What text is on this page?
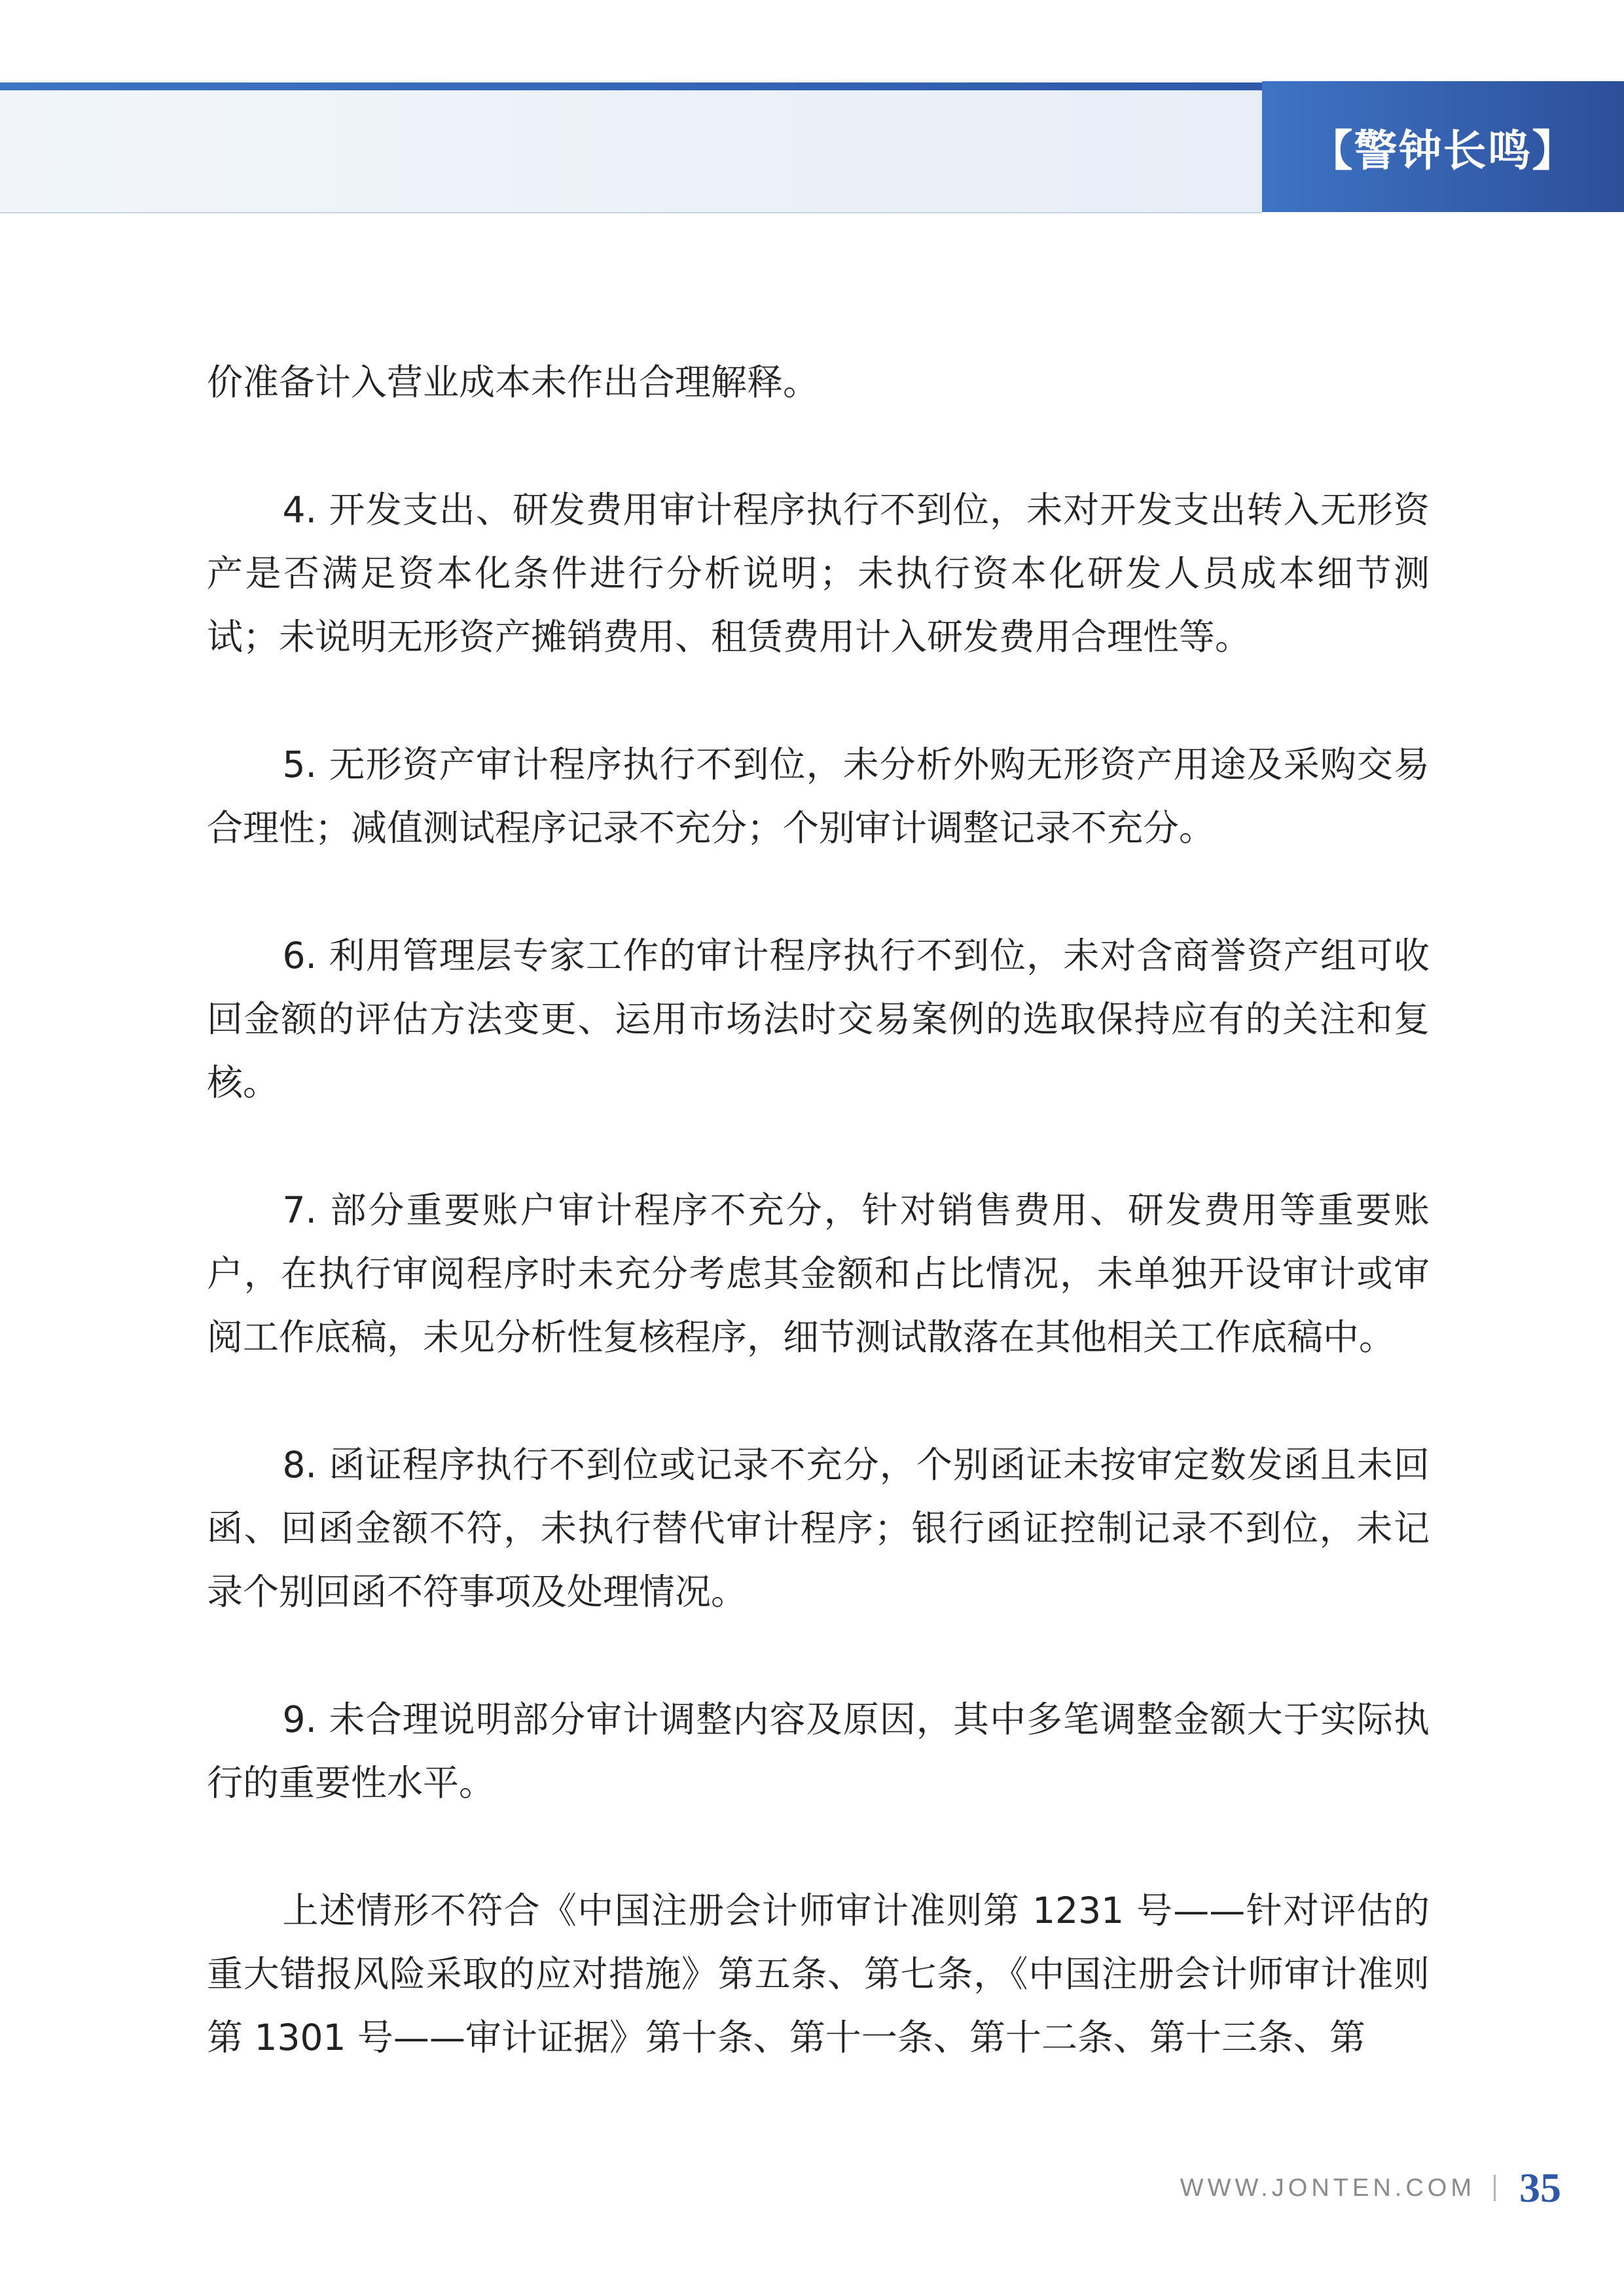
【警钟长鸣】

价准备计入营业成本未作出合理解释。

4. 开发支出、研发费用审计程序执行不到位，未对开发支出转入无形资产是否满足资本化条件进行分析说明；未执行资本化研发人员成本细节测试；未说明无形资产摊销费用、租赁费用计入研发费用合理性等。

5. 无形资产审计程序执行不到位，未分析外购无形资产用途及采购交易合理性；减值测试程序记录不充分；个别审计调整记录不充分。

6. 利用管理层专家工作的审计程序执行不到位，未对含商誉资产组可收回金额的评估方法变更、运用市场法时交易案例的选取保持应有的关注和复核。

7. 部分重要账户审计程序不充分，针对销售费用、研发费用等重要账户，在执行审阅程序时未充分考虑其金额和占比情况，未单独开设审计或审阅工作底稿，未见分析性复核程序，细节测试散落在其他相关工作底稿中。

8. 函证程序执行不到位或记录不充分，个别函证未按审定数发函且未回函、回函金额不符，未执行替代审计程序；银行函证控制记录不到位，未记录个别回函不符事项及处理情况。

9. 未合理说明部分审计调整内容及原因，其中多笔调整金额大于实际执行的重要性水平。

上述情形不符合《中国注册会计师审计准则第 1231 号——针对评估的重大错报风险采取的应对措施》第五条、第七条，《中国注册会计师审计准则第 1301 号——审计证据》第十条、第十一条、第十二条、第十三条、第

WWW.JONTEN.COM 35
